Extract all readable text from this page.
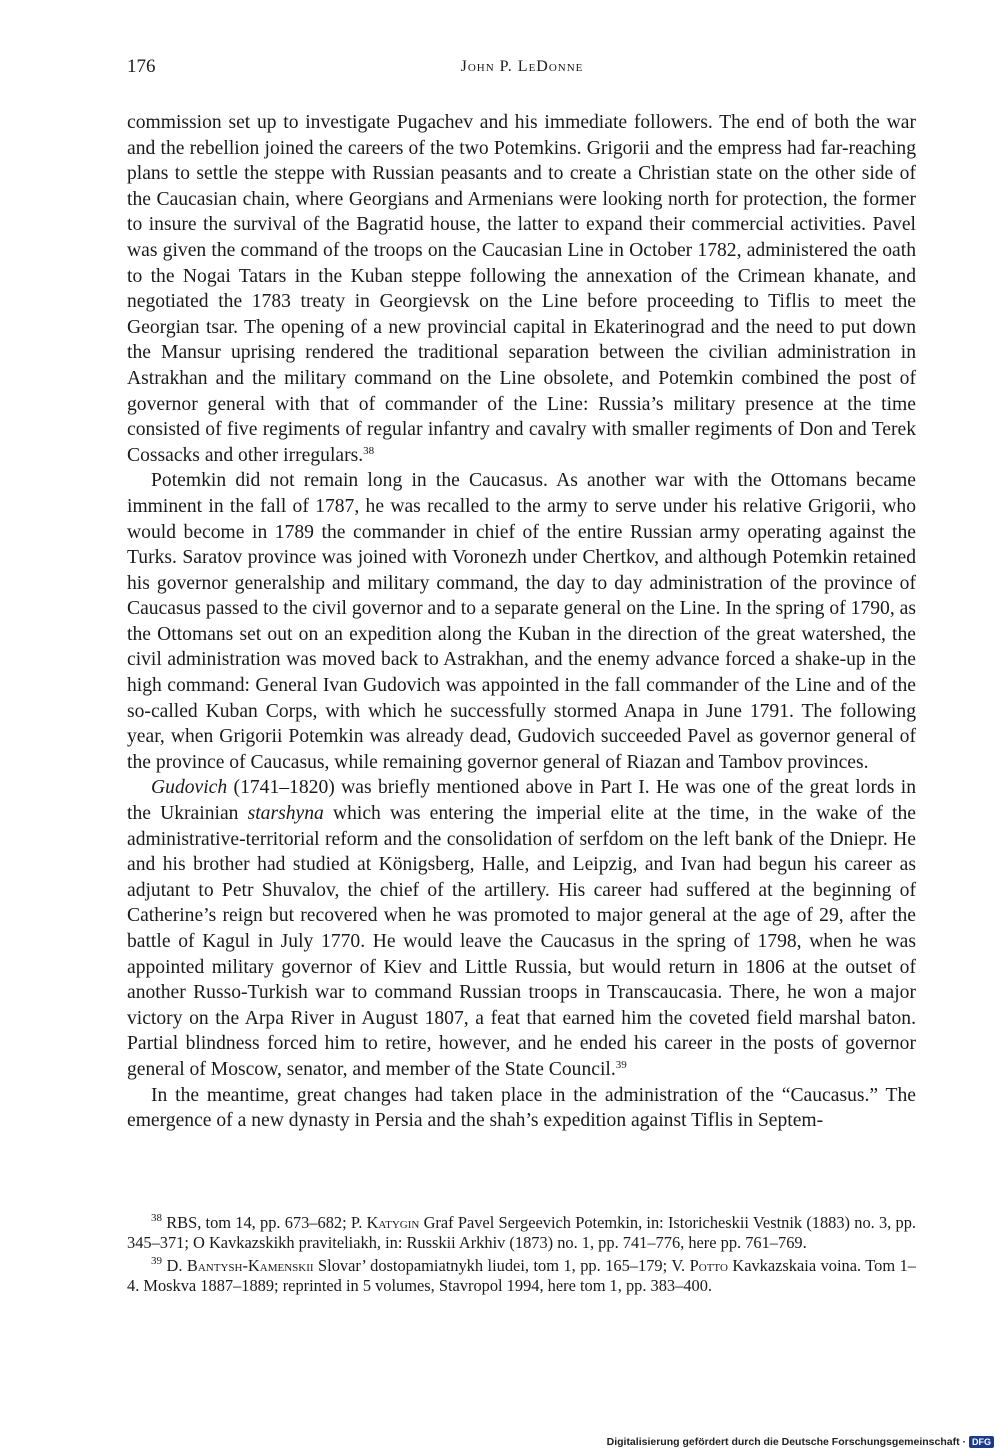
176	John P. LeDonne

commission set up to investigate Pugachev and his immediate followers. The end of both the war and the rebellion joined the careers of the two Potemkins. Grigorii and the empress had far-reaching plans to settle the steppe with Russian peasants and to create a Christian state on the other side of the Caucasian chain, where Georgians and Armenians were looking north for protection, the former to insure the survival of the Bagratid house, the latter to expand their commercial activities. Pavel was given the command of the troops on the Caucasian Line in October 1782, administered the oath to the Nogai Tatars in the Kuban steppe following the annexation of the Crimean khanate, and negotiated the 1783 treaty in Georgievsk on the Line before proceeding to Tiflis to meet the Georgian tsar. The opening of a new provincial capital in Ekaterinograd and the need to put down the Mansur uprising rendered the traditional separation between the civilian administration in Astrakhan and the military command on the Line obsolete, and Potemkin combined the post of governor general with that of commander of the Line: Russia’s military presence at the time consisted of five regiments of regular infantry and cavalry with smaller regiments of Don and Terek Cossacks and other irregulars.$^{38}$

Potemkin did not remain long in the Caucasus. As another war with the Ottomans became imminent in the fall of 1787, he was recalled to the army to serve under his relative Grigorii, who would become in 1789 the commander in chief of the entire Russian army operating against the Turks. Saratov province was joined with Voronezh under Chertkov, and although Potemkin retained his governor generalship and military command, the day to day administration of the province of Caucasus passed to the civil governor and to a separate general on the Line. In the spring of 1790, as the Ottomans set out on an expedition along the Kuban in the direction of the great watershed, the civil administration was moved back to Astrakhan, and the enemy advance forced a shake-up in the high command: General Ivan Gudovich was appointed in the fall commander of the Line and of the so-called Kuban Corps, with which he successfully stormed Anapa in June 1791. The following year, when Grigorii Potemkin was already dead, Gudovich succeeded Pavel as governor general of the province of Caucasus, while remaining governor general of Riazan and Tambov provinces.

Gudovich (1741–1820) was briefly mentioned above in Part I. He was one of the great lords in the Ukrainian starshyna which was entering the imperial elite at the time, in the wake of the administrative-territorial reform and the consolidation of serfdom on the left bank of the Dniepr. He and his brother had studied at Königsberg, Halle, and Leipzig, and Ivan had begun his career as adjutant to Petr Shuvalov, the chief of the artillery. His career had suffered at the beginning of Catherine’s reign but recovered when he was promoted to major general at the age of 29, after the battle of Kagul in July 1770. He would leave the Caucasus in the spring of 1798, when he was appointed military governor of Kiev and Little Russia, but would return in 1806 at the outset of another Russo-Turkish war to command Russian troops in Transcaucasia. There, he won a major victory on the Arpa River in August 1807, a feat that earned him the coveted field marshal baton. Partial blindness forced him to retire, however, and he ended his career in the posts of governor general of Moscow, senator, and member of the State Council.$^{39}$

In the meantime, great changes had taken place in the administration of the “Caucasus.” The emergence of a new dynasty in Persia and the shah’s expedition against Tiflis in Septem-

$^{38}$ RBS, tom 14, pp. 673–682; P. Katygin Graf Pavel Sergeevich Potemkin, in: Istoricheskii Vestnik (1883) no. 3, pp. 345–371; O Kavkazskikh praviteliakh, in: Russkii Arkhiv (1873) no. 1, pp. 741–776, here pp. 761–769.

$^{39}$ D. Bantysh-Kamenskii Slovar’ dostopamiatnykh liudei, tom 1, pp. 165–179; V. Potto Kavkazskaia voina. Tom 1–4. Moskva 1887–1889; reprinted in 5 volumes, Stavropol 1994, here tom 1, pp. 383–400.

Digitalisierung gefördert durch die Deutsche Forschungsgemeinschaft · DFG
